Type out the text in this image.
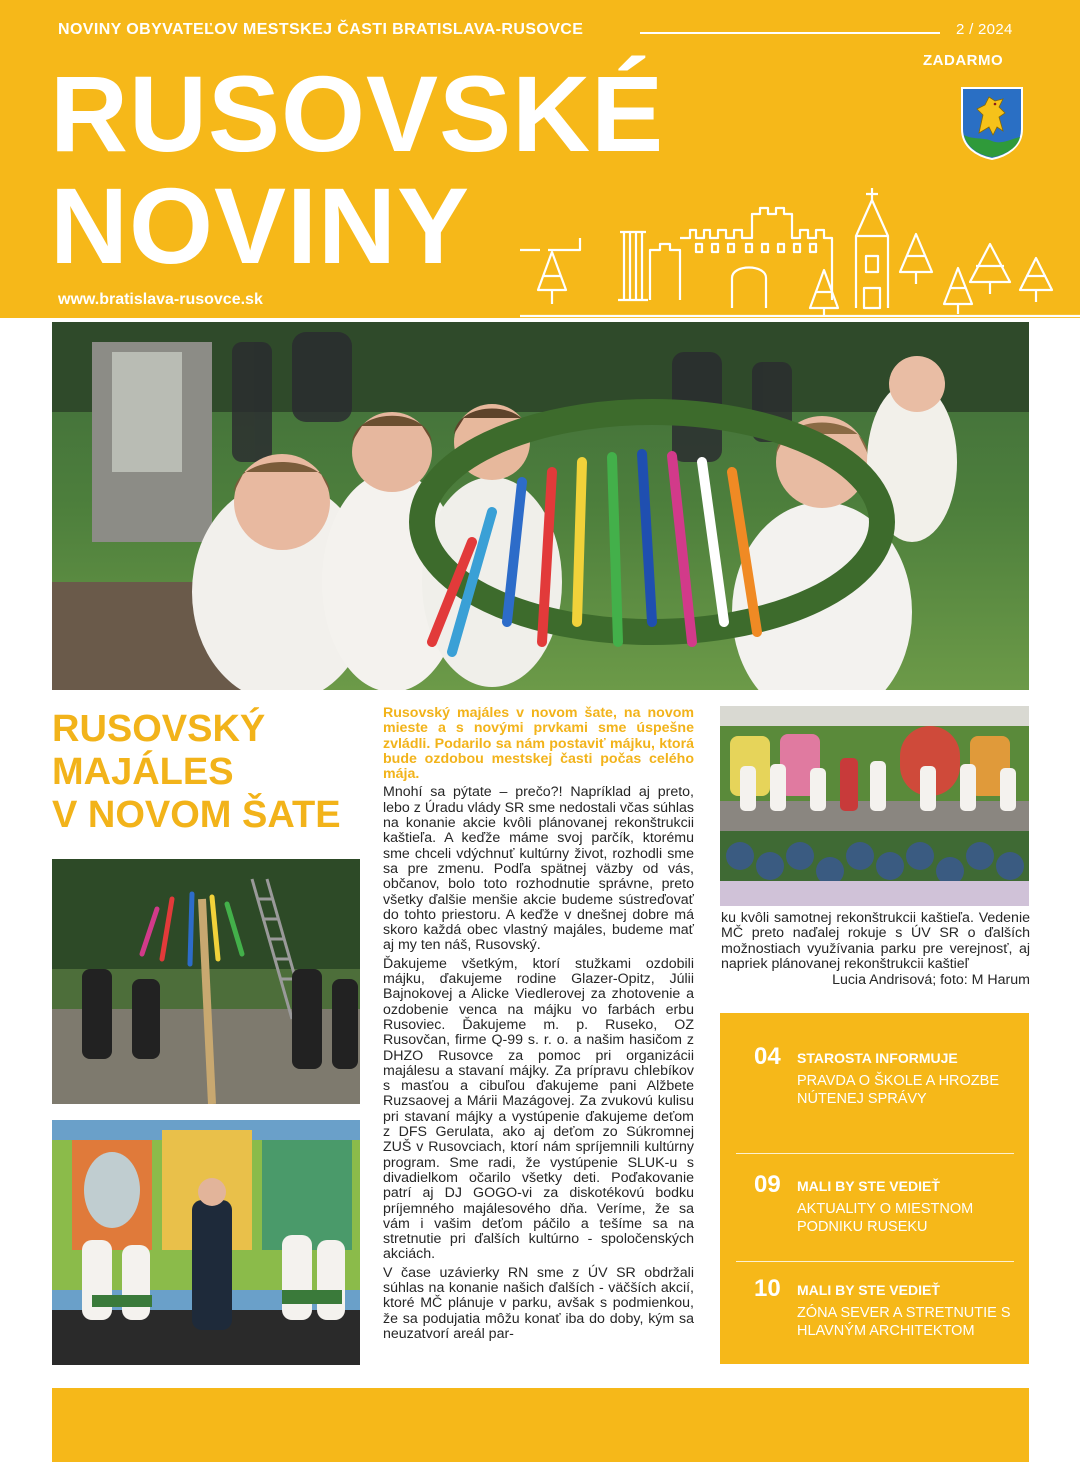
NOVINY OBYVATEĽOV MESTSKEJ ČASTI BRATISLAVA-RUSOVCE	2 / 2024
ZADARMO
RUSOVSKÉ
NOVINY
www.bratislava-rusovce.sk
RUSOVSKÝ
MAJÁLES
V NOVOM ŠATE

Rusovský majáles v novom šate, na novom mieste a s novými prvkami sme úspešne zvládli. Podarilo sa nám postaviť májku, ktorá bude ozdobou mestskej časti počas celého mája.

Mnohí sa pýtate – prečo?! Napríklad aj preto, lebo z Úradu vlády SR sme nedostali včas súhlas na konanie akcie kvôli plánovanej rekonštrukcii kaštieľa. A keďže máme svoj parčík, ktorému sme chceli vdýchnuť kultúrny život, rozhodli sme sa pre zmenu. Podľa spätnej väzby od vás, občanov, bolo toto rozhodnutie správne, preto všetky ďalšie menšie akcie budeme sústreďovať do tohto priestoru. A keďže v dnešnej dobre má skoro každá obec vlastný majáles, budeme mať aj my ten náš, Rusovský.

Ďakujeme všetkým, ktorí stužkami ozdobili májku, ďakujeme rodine Glazer-Opitz, Júlii Bajnokovej a Alicke Viedlerovej za zhotovenie a ozdobenie venca na májku vo farbách erbu Rusoviec. Ďakujeme m. p. Ruseko, OZ Rusovčan, firme Q-99 s. r. o. a našim hasičom z DHZO Rusovce za pomoc pri organizácii majálesu a stavaní májky. Za prípravu chlebíkov s masťou a cibuľou ďakujeme pani Alžbete Ruzsaovej a Márii Mazágovej. Za zvukovú kulisu pri stavaní májky a vystúpenie ďakujeme deťom z DFS Gerulata, ako aj deťom zo Súkromnej ZUŠ v Rusovciach, ktorí nám spríjemnili kultúrny program. Sme radi, že vystúpenie SLUK-u s divadielkom očarilo všetky deti. Poďakovanie patrí aj DJ GOGO-vi za diskotékovú bodku príjemného majálesového dňa. Veríme, že sa vám i vašim deťom páčilo a tešíme sa na stretnutie pri ďalších kultúrno - spoločenských akciách.

V čase uzávierky RN sme z ÚV SR obdržali súhlas na konanie našich ďalších - väčších akcií, ktoré MČ plánuje v parku, avšak s podmienkou, že sa podujatia môžu konať iba do doby, kým sa neuzatvorí areál par-

ku kvôli samotnej rekonštrukcii kaštieľa. Vedenie MČ preto naďalej rokuje s ÚV SR o ďalších možnostiach využívania parku pre verejnosť, aj napriek plánovanej rekonštrukcii kaštieľ

Lucia Andrisová; foto: M Harum

04 STAROSTA INFORMUJE
PRAVDA O ŠKOLE A HROZBE NÚTENEJ SPRÁVY
09 MALI BY STE VEDIEŤ
AKTUALITY O MIESTNOM PODNIKU RUSEKU
10 MALI BY STE VEDIEŤ
ZÓNA SEVER A STRETNUTIE S HLAVNÝM ARCHITEKTOM
